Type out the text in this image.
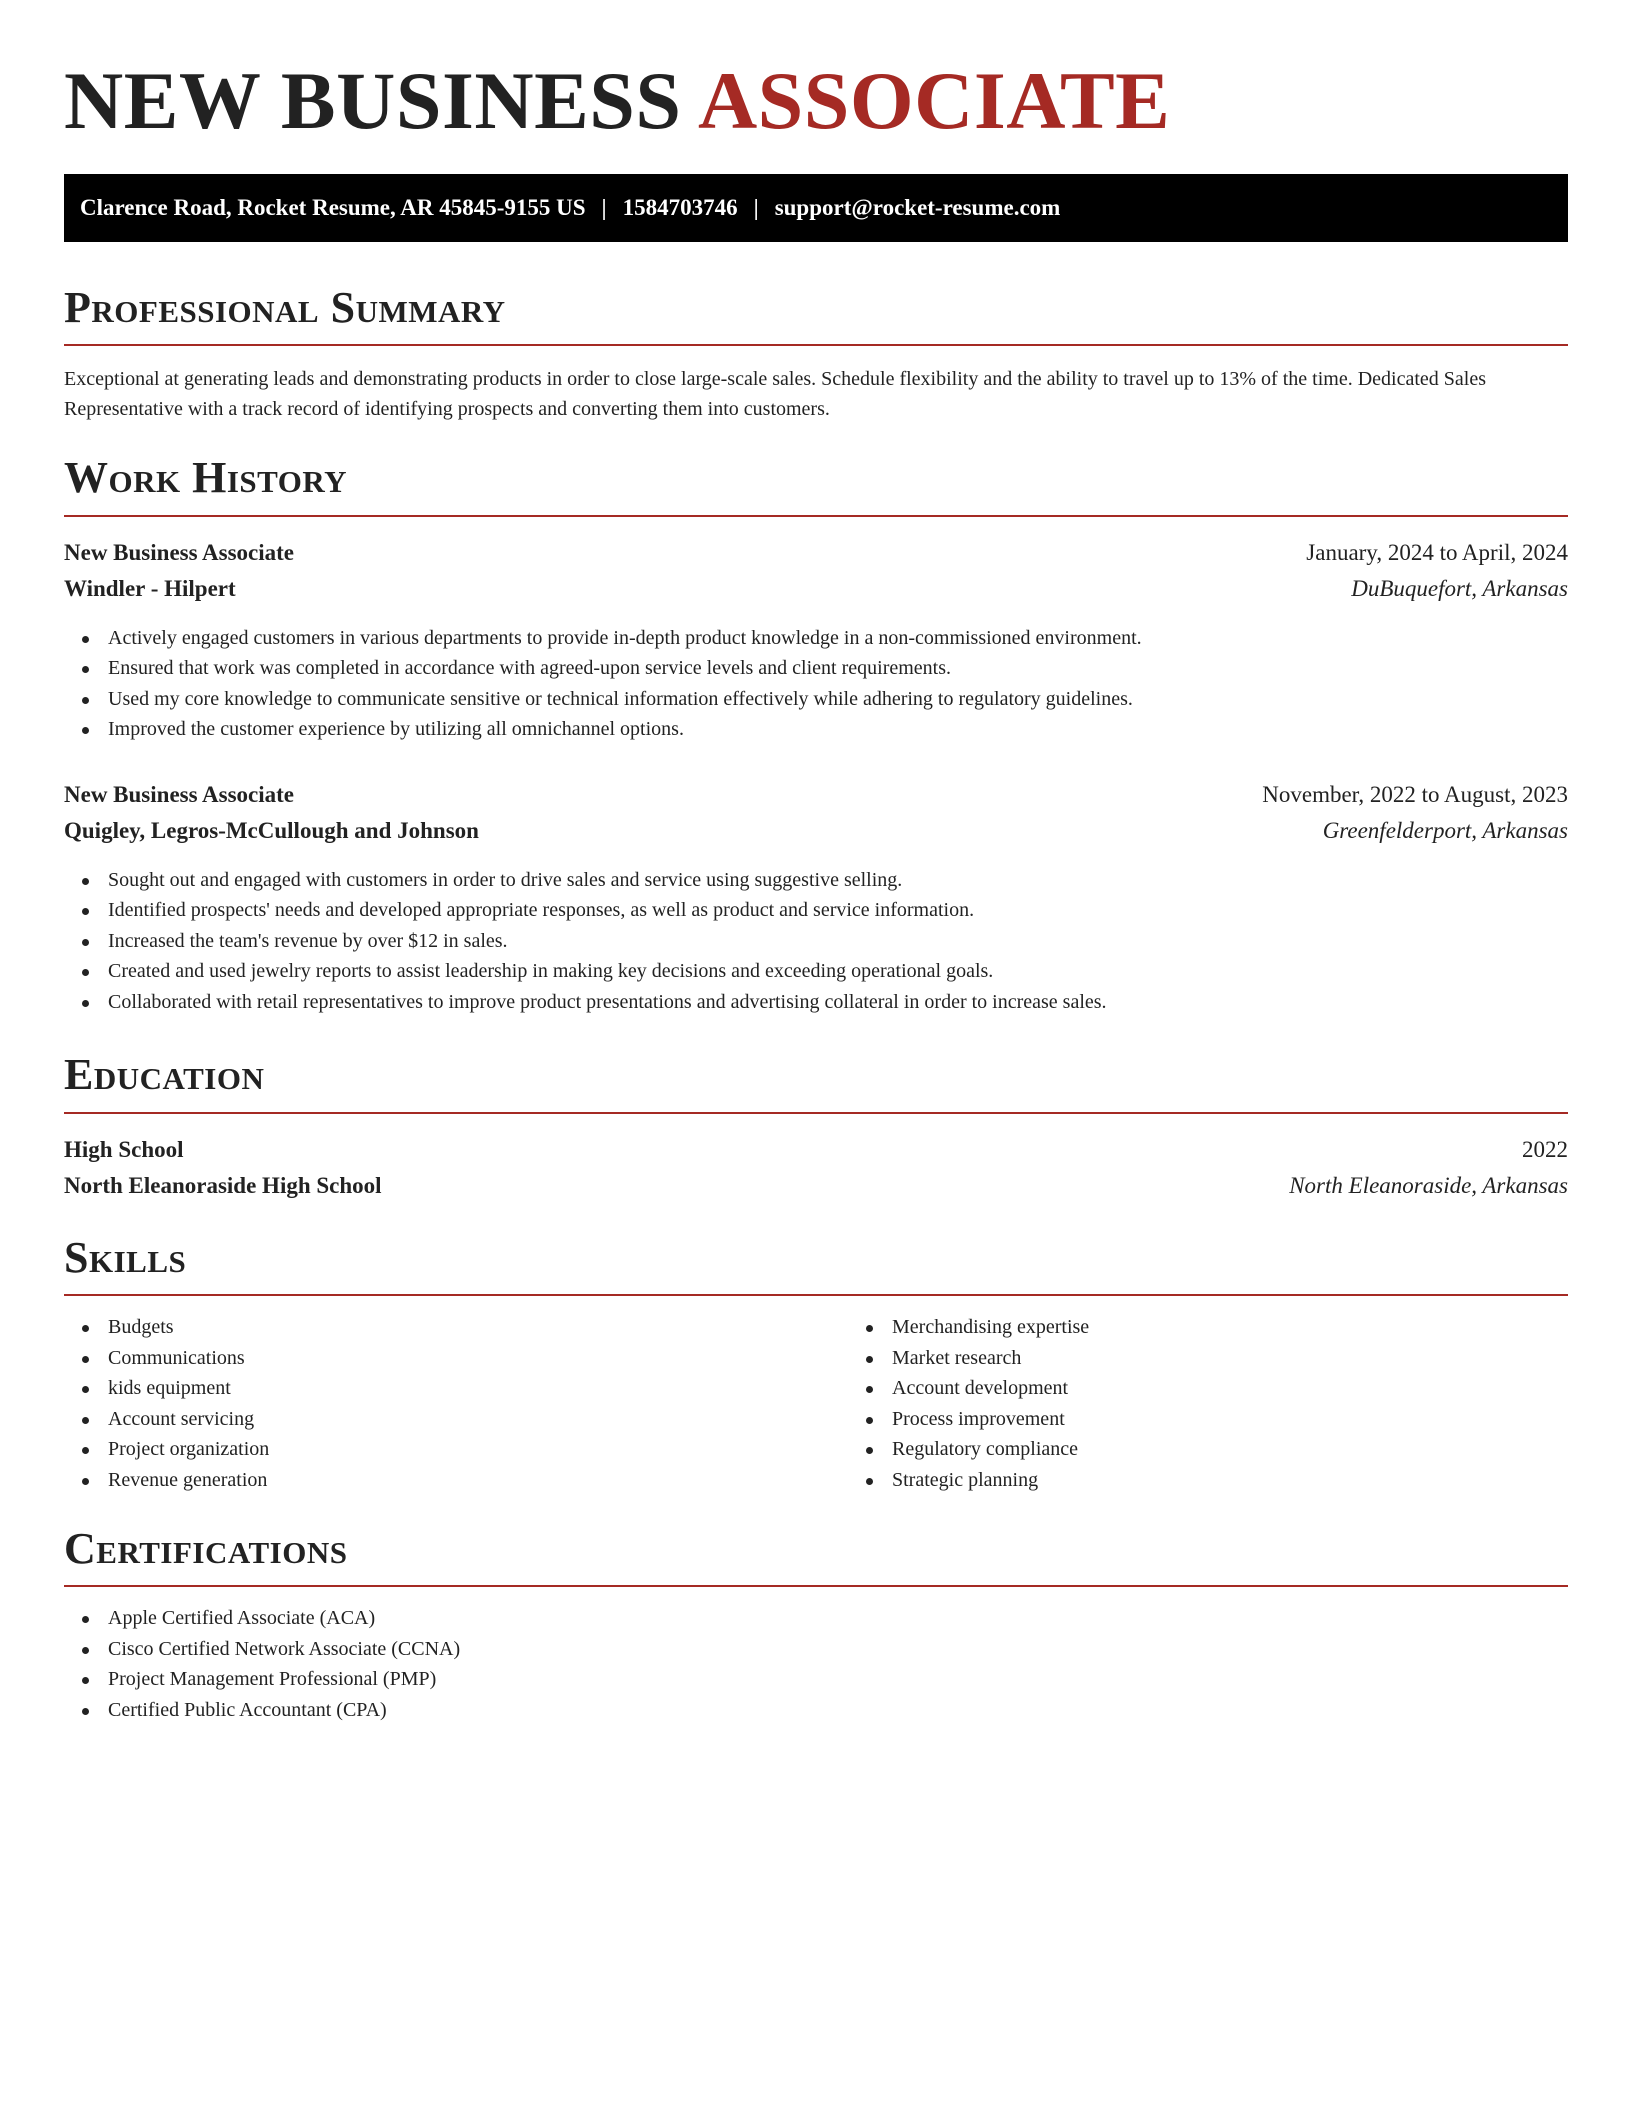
NEW BUSINESS ASSOCIATE
Clarence Road, Rocket Resume, AR 45845-9155 US | 1584703746 | support@rocket-resume.com
Professional Summary

Exceptional at generating leads and demonstrating products in order to close large-scale sales. Schedule flexibility and the ability to travel up to 13% of the time. Dedicated Sales Representative with a track record of identifying prospects and converting them into customers.

Work History
New Business Associate	January, 2024 to April, 2024
Windler - Hilpert	DuBuquefort, Arkansas
Actively engaged customers in various departments to provide in-depth product knowledge in a non-commissioned environment.
Ensured that work was completed in accordance with agreed-upon service levels and client requirements.
Used my core knowledge to communicate sensitive or technical information effectively while adhering to regulatory guidelines.
Improved the customer experience by utilizing all omnichannel options.
New Business Associate	November, 2022 to August, 2023
Quigley, Legros-McCullough and Johnson	Greenfelderport, Arkansas
Sought out and engaged with customers in order to drive sales and service using suggestive selling.
Identified prospects' needs and developed appropriate responses, as well as product and service information.
Increased the team's revenue by over $12 in sales.
Created and used jewelry reports to assist leadership in making key decisions and exceeding operational goals.
Collaborated with retail representatives to improve product presentations and advertising collateral in order to increase sales.
Education
High School	2022
North Eleanoraside High School	North Eleanoraside, Arkansas
Skills
Budgets
Communications
kids equipment
Account servicing
Project organization
Revenue generation
Merchandising expertise
Market research
Account development
Process improvement
Regulatory compliance
Strategic planning
Certifications
Apple Certified Associate (ACA)
Cisco Certified Network Associate (CCNA)
Project Management Professional (PMP)
Certified Public Accountant (CPA)
